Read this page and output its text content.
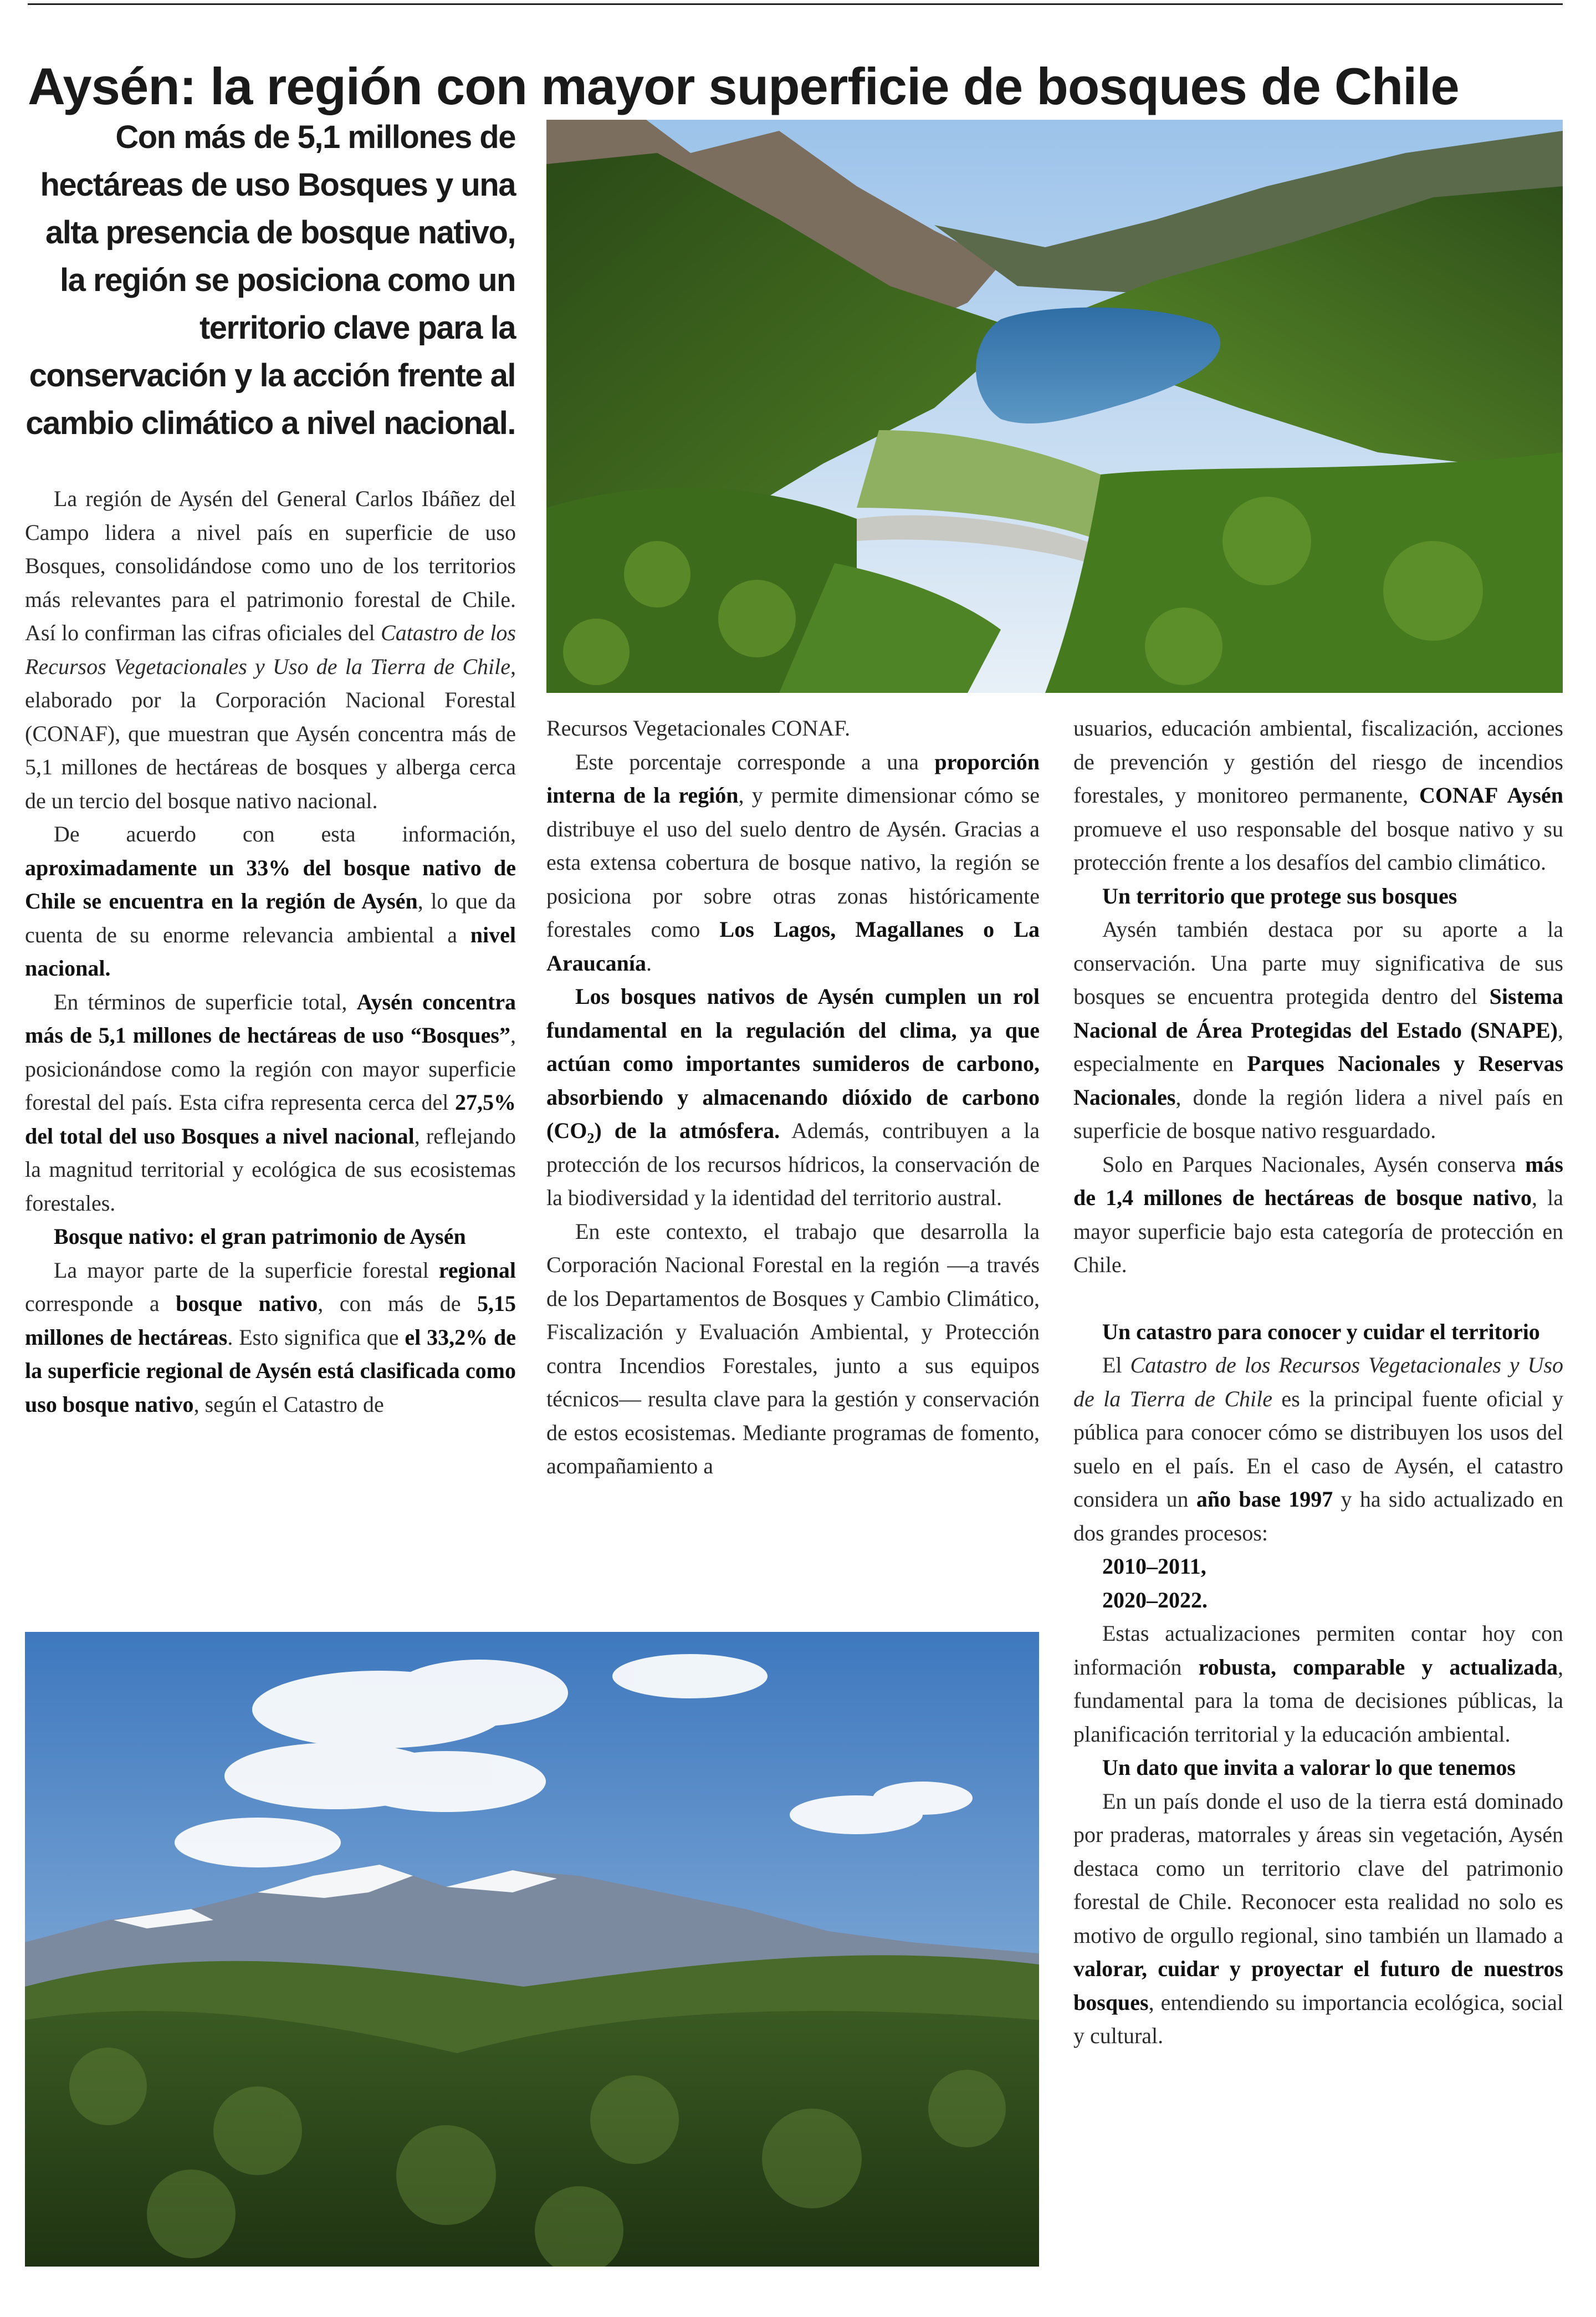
Aysén: la región con mayor superficie de bosques de Chile
Con más de 5,1 millones de hectáreas de uso Bosques y una alta presencia de bosque nativo, la región se posiciona como un territorio clave para la conservación y la acción frente al cambio climático a nivel nacional.

La región de Aysén del General Carlos Ibáñez del Campo lidera a nivel país en superficie de uso Bosques, consolidándose como uno de los territorios más relevantes para el patrimonio forestal de Chile. Así lo confirman las cifras oficiales del Catastro de los Recursos Vegetacionales y Uso de la Tierra de Chile, elaborado por la Corporación Nacional Forestal (CONAF), que muestran que Aysén concentra más de 5,1 millones de hectáreas de bosques y alberga cerca de un tercio del bosque nativo nacional.

De acuerdo con esta información, aproximadamente un 33% del bosque nativo de Chile se encuentra en la región de Aysén, lo que da cuenta de su enorme relevancia ambiental a nivel nacional.

En términos de superficie total, Aysén concentra más de 5,1 millones de hectáreas de uso “Bosques”, posicionándose como la región con mayor superficie forestal del país. Esta cifra representa cerca del 27,5% del total del uso Bosques a nivel nacional, reflejando la magnitud territorial y ecológica de sus ecosistemas forestales.

Bosque nativo: el gran patrimonio de Aysén

La mayor parte de la superficie forestal regional corresponde a bosque nativo, con más de 5,15 millones de hectáreas. Esto significa que el 33,2% de la superficie regional de Aysén está clasificada como uso bosque nativo, según el Catastro de

Recursos Vegetacionales CONAF.

Este porcentaje corresponde a una proporción interna de la región, y permite dimensionar cómo se distribuye el uso del suelo dentro de Aysén. Gracias a esta extensa cobertura de bosque nativo, la región se posiciona por sobre otras zonas históricamente forestales como Los Lagos, Magallanes o La Araucanía.

Los bosques nativos de Aysén cumplen un rol fundamental en la regulación del clima, ya que actúan como importantes sumideros de carbono, absorbiendo y almacenando dióxido de carbono $(CO_2)$ de la atmósfera. Además, contribuyen a la protección de los recursos hídricos, la conservación de la biodiversidad y la identidad del territorio austral.

En este contexto, el trabajo que desarrolla la Corporación Nacional Forestal en la región —a través de los Departamentos de Bosques y Cambio Climático, Fiscalización y Evaluación Ambiental, y Protección contra Incendios Forestales, junto a sus equipos técnicos— resulta clave para la gestión y conservación de estos ecosistemas. Mediante programas de fomento, acompañamiento a

usuarios, educación ambiental, fiscalización, acciones de prevención y gestión del riesgo de incendios forestales, y monitoreo permanente, CONAF Aysén promueve el uso responsable del bosque nativo y su protección frente a los desafíos del cambio climático.

Un territorio que protege sus bosques

Aysén también destaca por su aporte a la conservación. Una parte muy significativa de sus bosques se encuentra protegida dentro del Sistema Nacional de Área Protegidas del Estado (SNAPE), especialmente en Parques Nacionales y Reservas Nacionales, donde la región lidera a nivel país en superficie de bosque nativo resguardado.

Solo en Parques Nacionales, Aysén conserva más de 1,4 millones de hectáreas de bosque nativo, la mayor superficie bajo esta categoría de protección en Chile.

Un catastro para conocer y cuidar el territorio

El Catastro de los Recursos Vegetacionales y Uso de la Tierra de Chile es la principal fuente oficial y pública para conocer cómo se distribuyen los usos del suelo en el país. En el caso de Aysén, el catastro considera un año base 1997 y ha sido actualizado en dos grandes procesos:

2010–2011,
2020–2022.

Estas actualizaciones permiten contar hoy con información robusta, comparable y actualizada, fundamental para la toma de decisiones públicas, la planificación territorial y la educación ambiental.

Un dato que invita a valorar lo que tenemos

En un país donde el uso de la tierra está dominado por praderas, matorrales y áreas sin vegetación, Aysén destaca como un territorio clave del patrimonio forestal de Chile. Reconocer esta realidad no solo es motivo de orgullo regional, sino también un llamado a valorar, cuidar y proyectar el futuro de nuestros bosques, entendiendo su importancia ecológica, social y cultural.
